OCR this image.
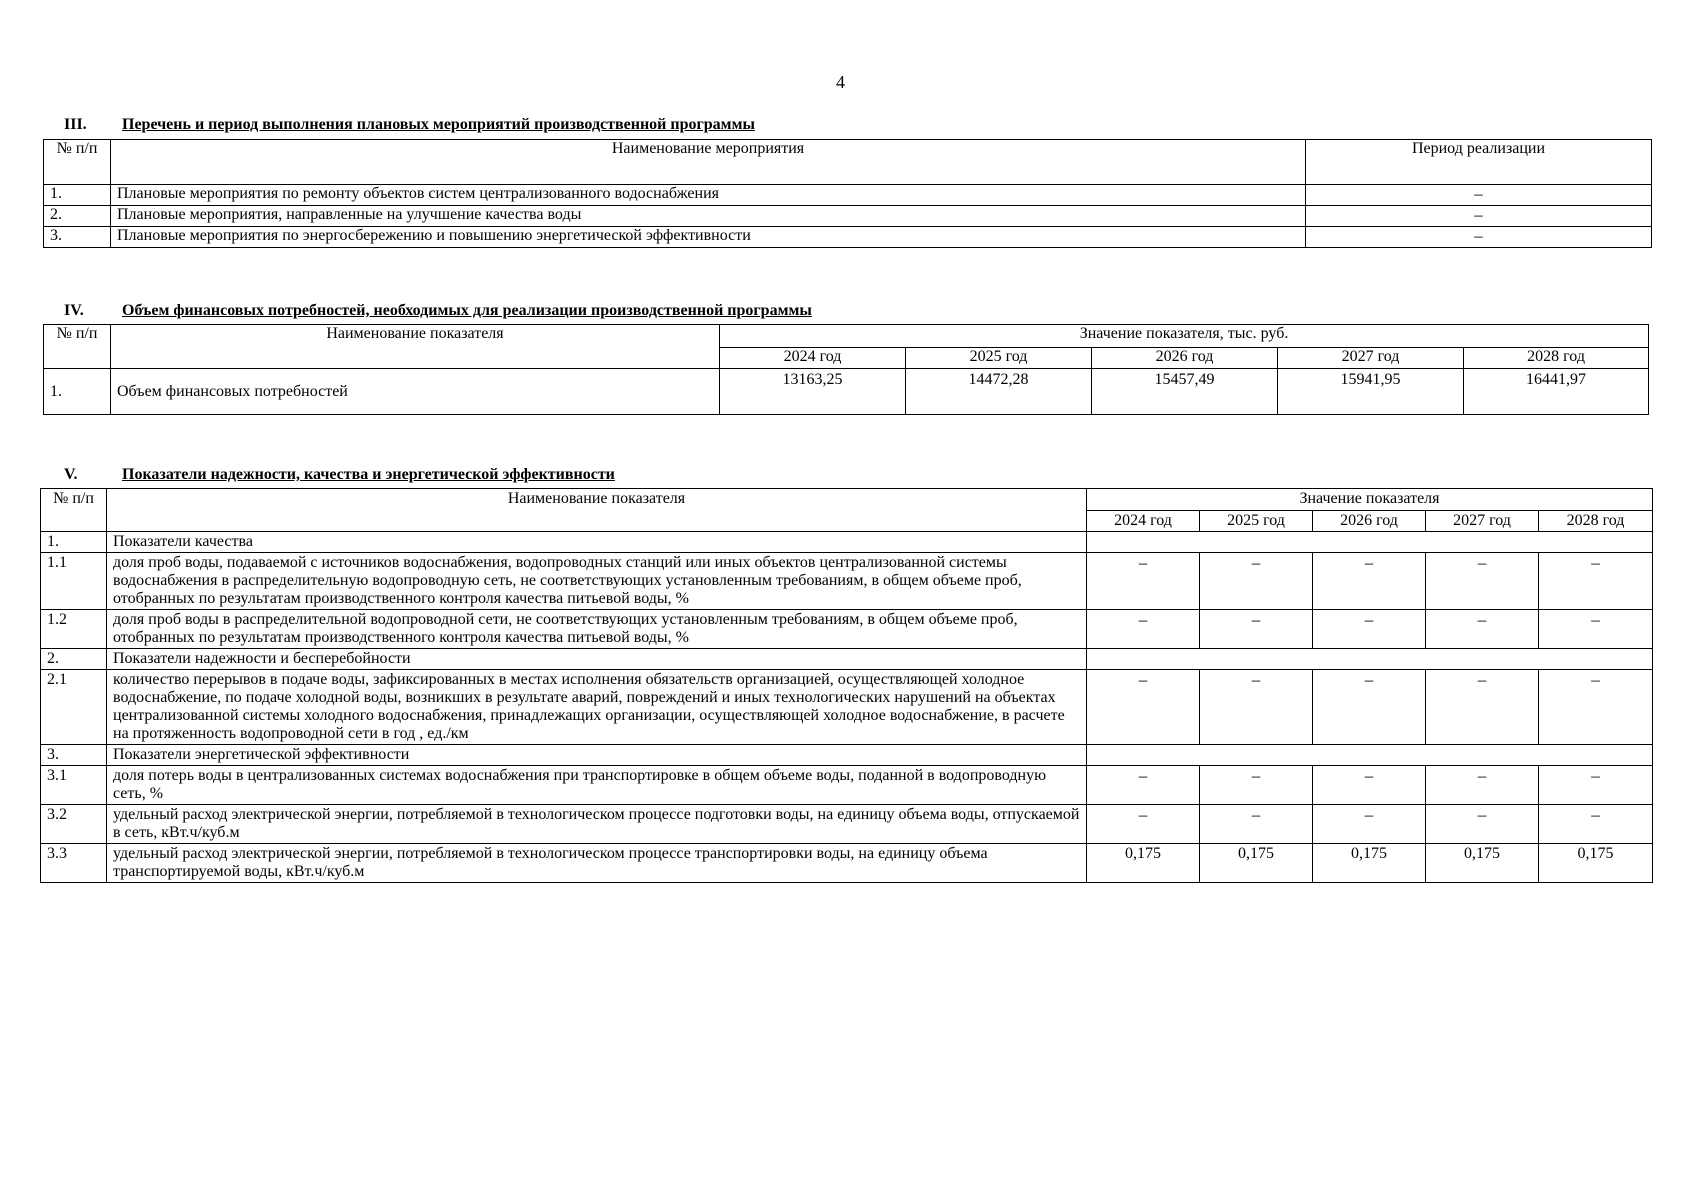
4
III. Перечень и период выполнения плановых мероприятий производственной программы
№ п/п	Наименование мероприятия	Период реализации
1.	Плановые мероприятия по ремонту объектов систем централизованного водоснабжения	–
2.	Плановые мероприятия, направленные на улучшение качества воды	–
3.	Плановые мероприятия по энергосбережению и повышению энергетической эффективности	–
IV. Объем финансовых потребностей, необходимых для реализации производственной программы
№ п/п	Наименование показателя	Значение показателя, тыс. руб.				
		2024 год	2025 год	2026 год	2027 год	2028 год
1.	Объем финансовых потребностей	13163,25	14472,28	15457,49	15941,95	16441,97
V.	Показатели надежности, качества и энергетической эффективности
№ п/п	Наименование показателя	Значение показателя				
		2024 год	2025 год	2026 год	2027 год	2028 год
1.	Показатели качества					
1.1	доля проб воды, подаваемой с источников водоснабжения, водопроводных станций или иных объектов централизованной системы водоснабжения в распределительную водопроводную сеть, не соответствующих установленным требованиям, в общем объеме проб, отобранных по результатам производственного контроля качества питьевой воды, %	–	–	–	–	–
1.2	доля проб воды в распределительной водопроводной сети, не соответствующих установленным требованиям, в общем объеме проб, отобранных по результатам производственного контроля качества питьевой воды, %	–	–	–	–	–
2.	Показатели надежности и бесперебойности					
2.1	количество перерывов в подаче воды, зафиксированных в местах исполнения обязательств организацией, осуществляющей холодное водоснабжение, по подаче холодной воды, возникших в результате аварий, повреждений и иных технологических нарушений на объектах централизованной системы холодного водоснабжения, принадлежащих организации, осуществляющей холодное водоснабжение, в расчете на протяженность водопроводной сети в год , ед./км	–	–	–	–	–
3.	Показатели энергетической эффективности					
3.1	доля потерь воды в централизованных системах водоснабжения при транспортировке в общем объеме воды, поданной в водопроводную сеть, %	–	–	–	–	–
3.2	удельный расход электрической энергии, потребляемой в технологическом процессе подготовки воды, на единицу объема воды, отпускаемой в сеть, кВт.ч/куб.м	–	–	–	–	–
3.3	удельный расход электрической энергии, потребляемой в технологическом процессе транспортировки воды, на единицу объема транспортируемой воды, кВт.ч/куб.м	0,175	0,175	0,175	0,175	0,175
